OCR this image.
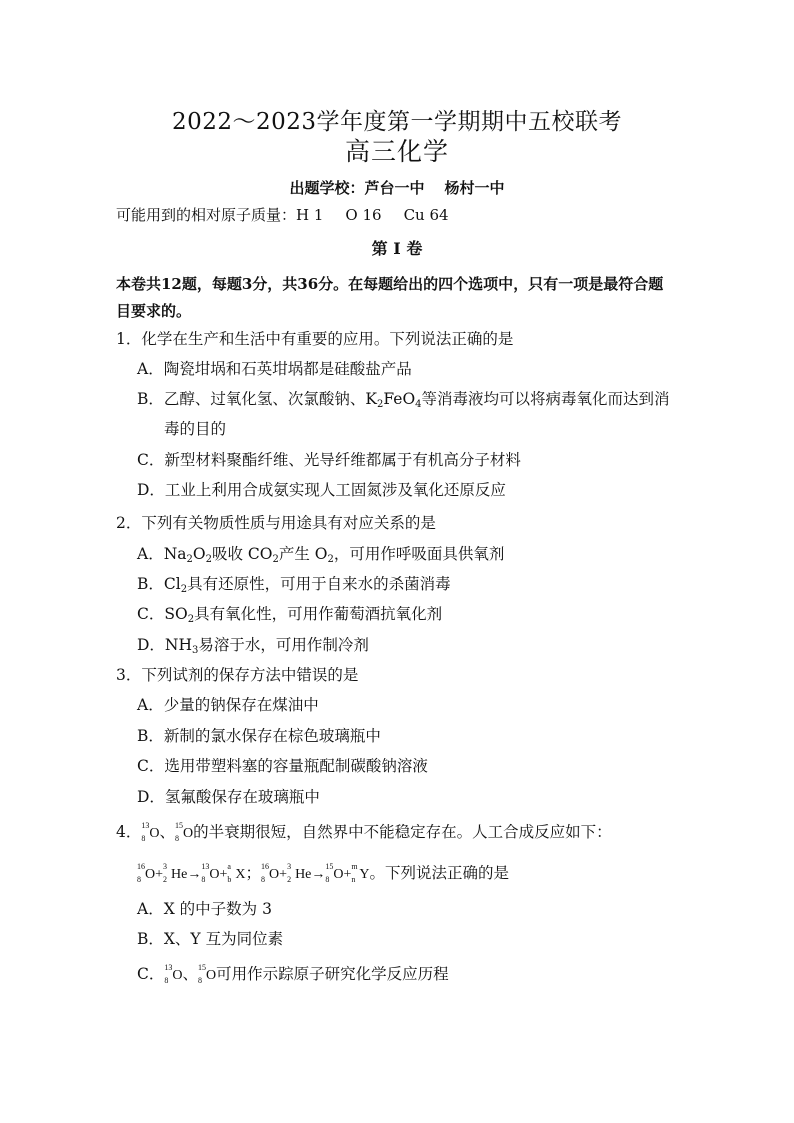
2022～2023学年度第一学期期中五校联考
高三化学
出题学校：芦台一中 杨村一中
可能用到的相对原子质量：H 1 O 16 Cu 64
第 Ⅰ 卷
本卷共12题，每题3分，共36分。在每题给出的四个选项中，只有一项是最符合题目要求的。
1．化学在生产和生活中有重要的应用。下列说法正确的是
A．陶瓷坩埚和石英坩埚都是硅酸盐产品
B．乙醇、过氧化氢、次氯酸钠、$K_2FeO_4$等消毒液均可以将病毒氧化而达到消
毒的目的
C．新型材料聚酯纤维、光导纤维都属于有机高分子材料
D．工业上利用合成氨实现人工固氮涉及氧化还原反应
2．下列有关物质性质与用途具有对应关系的是
A．$Na_2O_2$吸收 $CO_2$产生 $O_2$，可用作呼吸面具供氧剂
B．$Cl_2$具有还原性，可用于自来水的杀菌消毒
C．$SO_2$具有氧化性，可用作葡萄酒抗氧化剂
D．$NH_3$易溶于水，可用作制冷剂
3．下列试剂的保存方法中错误的是
A．少量的钠保存在煤油中
B．新制的氯水保存在棕色玻璃瓶中
C．选用带塑料塞的容量瓶配制碳酸钠溶液
D．氢氟酸保存在玻璃瓶中
4． 13
8 O、 15
8 O的半衰期很短，自然界中不能稳定存在。人工合成反应如下：
16
8 O+
3
2 He→
13
8 O+
a
b X； 16
8 O+
3
2 He→
15
8 O+
m
n Y。下列说法正确的是
A．X 的中子数为 3
B．X、Y 互为同位素
C． 13
8 O、 15
8 O可用作示踪原子研究化学反应历程
